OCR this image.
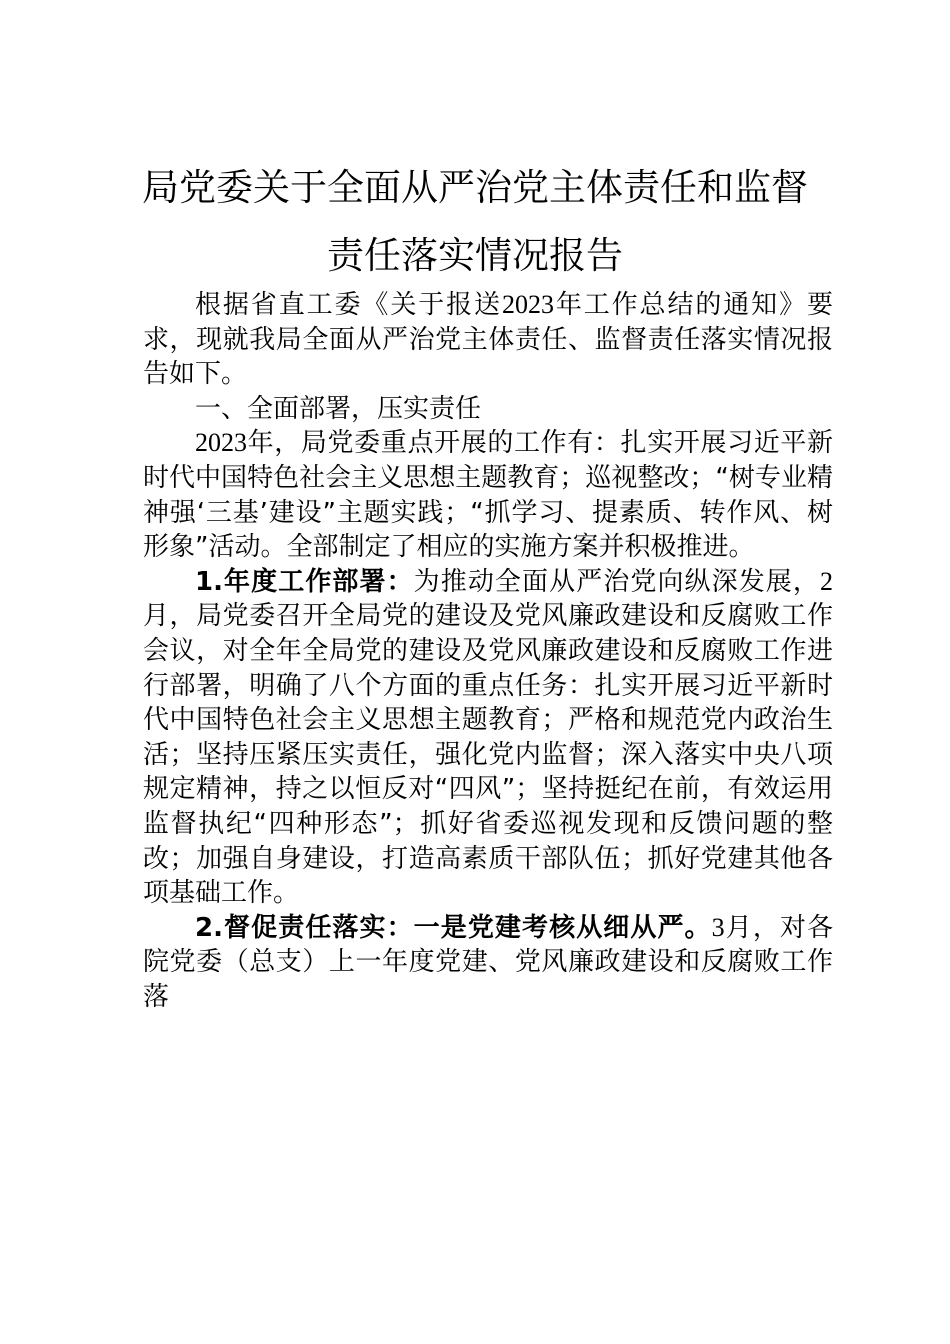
局党委关于全面从严治党主体责任和监督
责任落实情况报告

根据省直工委《关于报送2023年工作总结的通知》要求，现就我局全面从严治党主体责任、监督责任落实情况报告如下。

一、全面部署，压实责任

2023年，局党委重点开展的工作有：扎实开展习近平新时代中国特色社会主义思想主题教育；巡视整改；“树专业精神强‘三基’建设”主题实践；“抓学习、提素质、转作风、树形象”活动。全部制定了相应的实施方案并积极推进。

1.年度工作部署：为推动全面从严治党向纵深发展，2月，局党委召开全局党的建设及党风廉政建设和反腐败工作会议，对全年全局党的建设及党风廉政建设和反腐败工作进行部署，明确了八个方面的重点任务：扎实开展习近平新时代中国特色社会主义思想主题教育；严格和规范党内政治生活；坚持压紧压实责任，强化党内监督；深入落实中央八项规定精神，持之以恒反对“四风”；坚持挺纪在前，有效运用监督执纪“四种形态”；抓好省委巡视发现和反馈问题的整改；加强自身建设，打造高素质干部队伍；抓好党建其他各项基础工作。

2.督促责任落实：一是党建考核从细从严。3月，对各院党委（总支）上一年度党建、党风廉政建设和反腐败工作落
